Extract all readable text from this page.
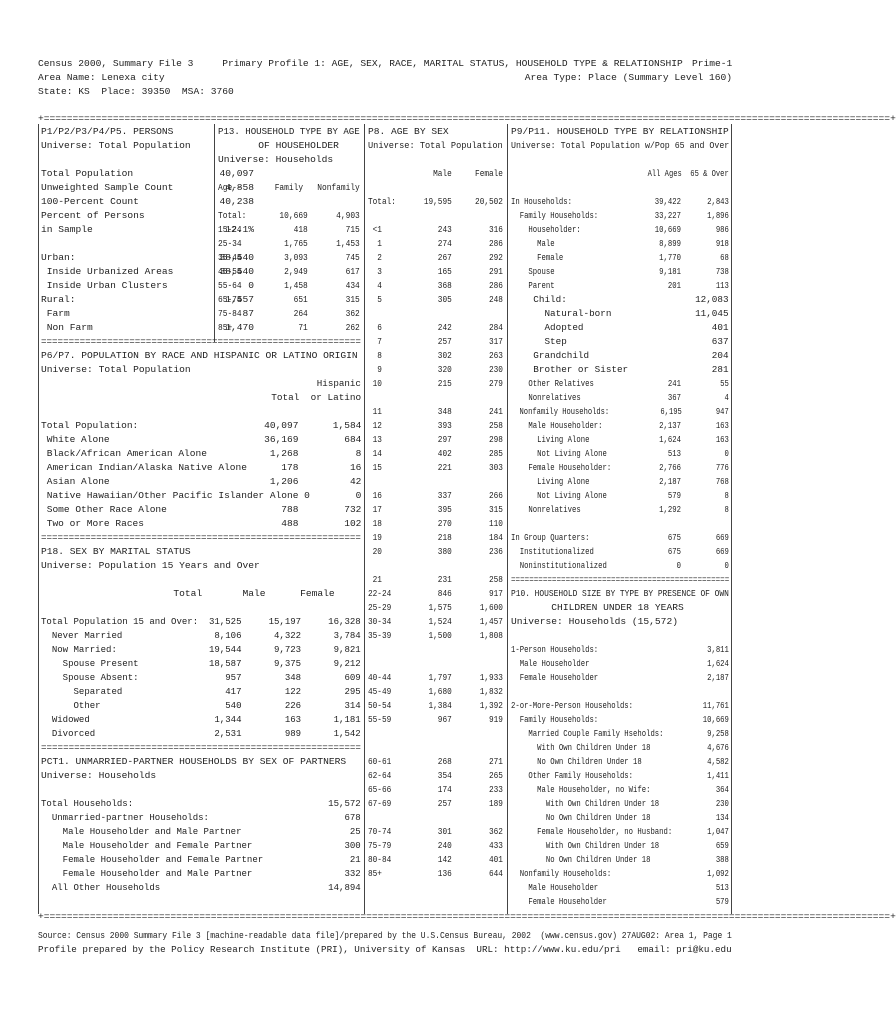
Census 2000, Summary File 3     Primary Profile 1: AGE, SEX, RACE, MARITAL STATUS, HOUSEHOLD TYPE & RELATIONSHIP Prime-1
Area Name: Lenexa city	Area Type: Place (Summary Level 160)
State: KS  Place: 39350  MSA: 3760
+===================================================================================================================================================+
+===================================================================================================================================================+
P1/P2/P3/P4/P5. PERSONS
Universe: Total Population
Total Population               40,097
Unweighted Sample Count         4,858
100-Percent Count              40,238
Percent of Persons
in Sample                       12.1%
Urban:                         38,540
Inside Urbanized Areas        38,540
Inside Urban Clusters              0
Rural:                          1,557
Farm                              87
Non Farm                       1,470
==========================================================
P6/P7. POPULATION BY RACE AND HISPANIC OR LATINO ORIGIN
Universe: Total Population
Hispanic
Total  or Latino
Total Population:                      40,097      1,584
White Alone                           36,169        684
Black/African American Alone           1,268          8
American Indian/Alaska Native Alone      178         16
Asian Alone                            1,206         42
Native Hawaiian/Other Pacific Islander Alone 0        0
Some Other Race Alone                    788        732
Two or More Races                        488        102
==========================================================
P18. SEX BY MARITAL STATUS
Universe: Population 15 Years and Over
Total       Male      Female
Total Population 15 and Over:  31,525     15,197     16,328
Never Married                 8,106      4,322      3,784
Now Married:                 19,544      9,723      9,821
Spouse Present             18,587      9,375      9,212
Spouse Absent:                957        348        609
Separated                   417        122        295
Other                       540        226        314
Widowed                       1,344        163      1,181
Divorced                      2,531        989      1,542
==========================================================
PCT1. UNMARRIED-PARTNER HOUSEHOLDS BY SEX OF PARTNERS
Universe: Households
Total Households:                                    15,572
Unmarried-partner Households:                         678
Male Householder and Male Partner                    25
Male Householder and Female Partner                 300
Female Householder and Female Partner                21
Female Householder and Male Partner                 332
All Other Households                               14,894
P13. HOUSEHOLD TYPE BY AGE
OF HOUSEHOLDER
Universe: Households
Age--       Family   Nonfamily
Total:       10,669      4,903
15-24           418        715
25-34         1,765      1,453
35-44         3,093        745
45-54         2,949        617
55-64         1,458        434
65-74           651        315
75-84           264        362
85+              71        262
P8. AGE BY SEX
Universe: Total Population
Male     Female
Total:      19,595     20,502
<1            243        316
1            274        286
2            267        292
3            165        291
4            368        286
5            305        248
6            242        284
7            257        317
8            302        263
9            320        230
10            215        279
11            348        241
12            393        258
13            297        298
14            402        285
15            221        303
16            337        266
17            395        315
18            270        110
19            218        184
20            380        236
21            231        258
22-24          846        917
25-29        1,575      1,600
30-34        1,524      1,457
35-39        1,500      1,808
40-44        1,797      1,933
45-49        1,680      1,832
50-54        1,384      1,392
55-59          967        919
60-61          268        271
62-64          354        265
65-66          174        233
67-69          257        189
70-74          301        362
75-79          240        433
80-84          142        401
85+            136        644
P9/P11. HOUSEHOLD TYPE BY RELATIONSHIP
Universe: Total Population w/Pop 65 and Over
All Ages  65 & Over
In Households:                   39,422      2,843
Family Households:             33,227      1,896
Householder:                 10,669        986
Male                        8,899        918
Female                      1,770         68
Spouse                        9,181        738
Parent                          201        113
Child:                       12,083
Natural-born               11,045
Adopted                       401
Step                          637
Grandchild                      204
Brother or Sister               281
Other Relatives                 241         55
Nonrelatives                    367          4
Nonfamily Households:            6,195        947
Male Householder:             2,137        163
Living Alone                1,624        163
Not Living Alone              513          0
Female Householder:           2,766        776
Living Alone                2,187        768
Not Living Alone              579          8
Nonrelatives                  1,292          8
In Group Quarters:                  675        669
Institutionalized                 675        669
Noninstitutionalized                0          0
================================================
P10. HOUSEHOLD SIZE BY TYPE BY PRESENCE OF OWN
CHILDREN UNDER 18 YEARS
Universe: Households (15,572)
1-Person Households:                         3,811
Male Householder                           1,624
Female Householder                         2,187
2-or-More-Person Households:                11,761
Family Households:                        10,669
Married Couple Family Hseholds:          9,258
With Own Children Under 18             4,676
No Own Children Under 18               4,582
Other Family Households:                 1,411
Male Householder, no Wife:               364
With Own Children Under 18             230
No Own Children Under 18               134
Female Householder, no Husband:        1,047
With Own Children Under 18             659
No Own Children Under 18               388
Nonfamily Households:                      1,092
Male Householder                           513
Female Householder                         579
Source: Census 2000 Summary File 3 [machine-readable data file]/prepared by the U.S.Census Bureau, 2002  (www.census.gov) 27AUG02: Area 1, Page 1
Profile prepared by the Policy Research Institute (PRI), University of Kansas  URL: http://www.ku.edu/pri   email: pri@ku.edu
